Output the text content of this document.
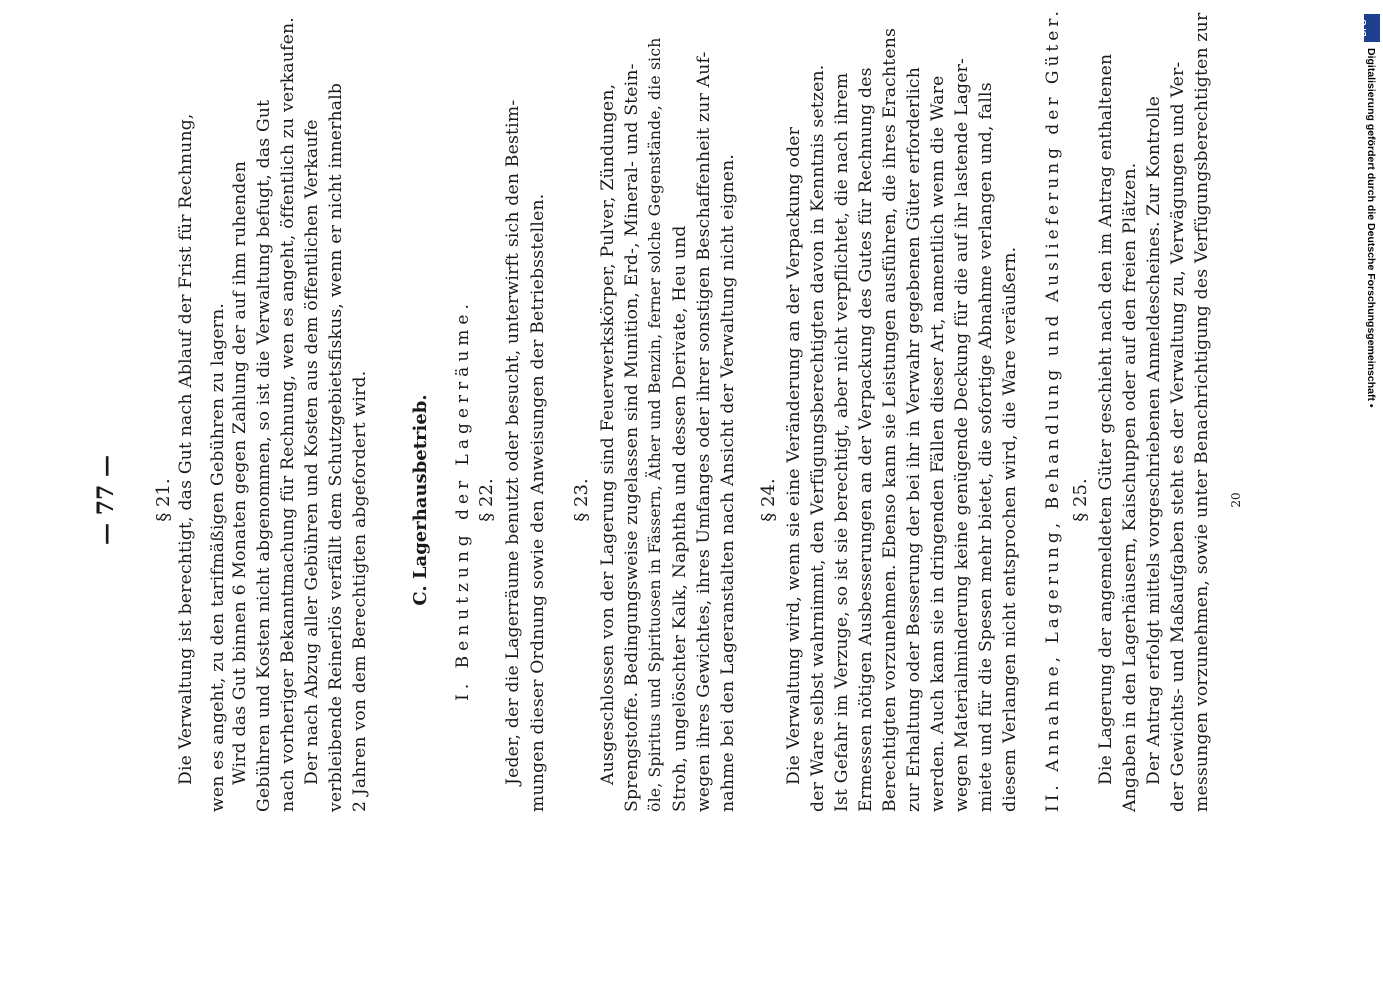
— 77 — § 21. Die Verwaltung ist berechtigt, das Gut nach Ablauf der Frist für Rechnung, wen es angeht, zu den tarifmäßigen Gebühren zu lagern. Wird das Gut binnen 6 Monaten gegen Zahlung der auf ihm ruhenden Gebühren und Kosten nicht abgenommen, so ist die Verwaltung befugt, das Gut nach vorheriger Bekanntmachung für Rechnung, wen es angeht, öffentlich zu verkaufen. Der nach Abzug aller Gebühren und Kosten aus dem öffentlichen Verkaufe verbleibende Reinerlös verfällt dem Schutzgebietsfiskus, wenn er nicht innerhalb 2 Jahren von dem Berechtigten abgefordert wird. C. Lagerhausbetrieb. I. Benutzung der Lagerräume. § 22. Jeder, der die Lagerräume benutzt oder besucht, unterwirft sich den Bestim- mungen dieser Ordnung sowie den Anweisungen der Betriebsstellen. § 23. Ausgeschlossen von der Lagerung sind Feuerwerkskörper, Pulver, Zündungen, Sprengstoffe. Bedingungsweise zugelassen sind Munition, Erd-, Mineral- und Stein- öle, Spiritus und Spirituosen in Fässern, Äther und Benzin, ferner solche Gegenstände, die sich Stroh, ungelöschter Kalk, Naphtha und dessen Derivate, Heu und wegen ihres Gewichtes, ihres Umfanges oder ihrer sonstigen Beschaffenheit zur Auf- nahme bei den Lageranstalten nach Ansicht der Verwaltung nicht eignen. § 24. Die Verwaltung wird, wenn sie eine Veränderung an der Verpackung oder der Ware selbst wahrnimmt, den Verfügungsberechtigten davon in Kenntnis setzen. Ist Gefahr im Verzuge, so ist sie berechtigt, aber nicht verpflichtet, die nach ihrem Ermessen nötigen Ausbesserungen an der Verpackung des Gutes für Rechnung des Berechtigten vorzunehmen. Ebenso kann sie Leistungen ausführen, die ihres Erachtens zur Erhaltung oder Besserung der bei ihr in Verwahr gegebenen Güter erforderlich werden. Auch kann sie in dringenden Fällen dieser Art, namentlich wenn die Ware wegen Materialminderung keine genügende Deckung für die auf ihr lastende Lager- miete und für die Spesen mehr bietet, die sofortige Abnahme verlangen und, falls diesem Verlangen nicht entsprochen wird, die Ware veräußern. II. Annahme, Lagerung, Behandlung und Auslieferung der Güter. § 25. Die Lagerung der angemeldeten Güter geschieht nach den im Antrag enthaltenen Angaben in den Lagerhäusern, Kaischuppen oder auf den freien Plätzen. Der Antrag erfolgt mittels vorgeschriebenen Anmeldescheines. Zur Kontrolle der Gewichts- und Maßaufgaben steht es der Verwaltung zu, Verwägungen und Ver- messungen vorzunehmen, sowie unter Benachrichtigung des Verfügungsberechtigten zur 20
Digitalisierung gefördert durch die Deutsche Forschungsgemeinschaft •
DFG
